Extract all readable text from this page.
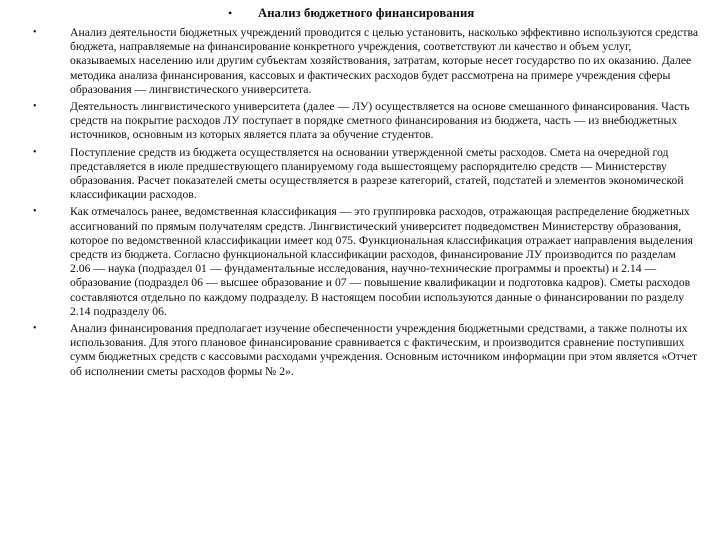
•	Анализ бюджетного финансирования
•	Анализ деятельности бюджетных учреждений проводится с целью установить, насколько эффективно используются средства бюджета, направляемые на финансирование конкретного учреждения, соответствуют ли качество и объем услуг, оказываемых населению или другим субъектам хозяйствования, затратам, которые несет государство по их оказанию. Далее методика анализа финансирования, кассовых и фактических расходов будет рассмотрена на примере учреждения сферы образования — лингвистического университета.
•	Деятельность лингвистического университета (далее — ЛУ) осуществляется на основе смешанного финансирования. Часть средств на покрытие расходов ЛУ поступает в порядке сметного финансирования из бюджета, часть — из внебюджетных источников, основным из которых является плата за обучение студентов.
•	Поступление средств из бюджета осуществляется на основании утвержденной сметы расходов. Смета на очередной год представляется в июле предшествующего планируемому года вышестоящему распорядителю средств — Министерству образования. Расчет показателей сметы осуществляется в разрезе категорий, статей, подстатей и элементов экономической классификации расходов.
•	Как отмечалось ранее, ведомственная классификация — это группировка расходов, отражающая распределение бюджетных ассигнований по прямым получателям средств. Лингвистический университет подведомствен Министерству образования, которое по ведомственной классификации имеет код 075. Функциональная классификация отражает направления выделения средств из бюджета. Согласно функциональной классификации расходов, финансирование ЛУ производится по разделам 2.06 — наука (подраздел 01 — фундаментальные исследования, научно-технические программы и проекты) и 2.14 — образование (подраздел 06 — высшее образование и 07 — повышение квалификации и подготовка кадров). Сметы расходов составляются отдельно по каждому подразделу. В настоящем пособии используются данные о финансировании по разделу 2.14 подразделу 06.
•	Анализ финансирования предполагает изучение обеспеченности учреждения бюджетными средствами, а также полноты их использования. Для этого плановое финансирование сравнивается с фактическим, и производится сравнение поступивших сумм бюджетных средств с кассовыми расходами учреждения. Основным источником информации при этом является «Отчет об исполнении сметы расходов формы № 2».
